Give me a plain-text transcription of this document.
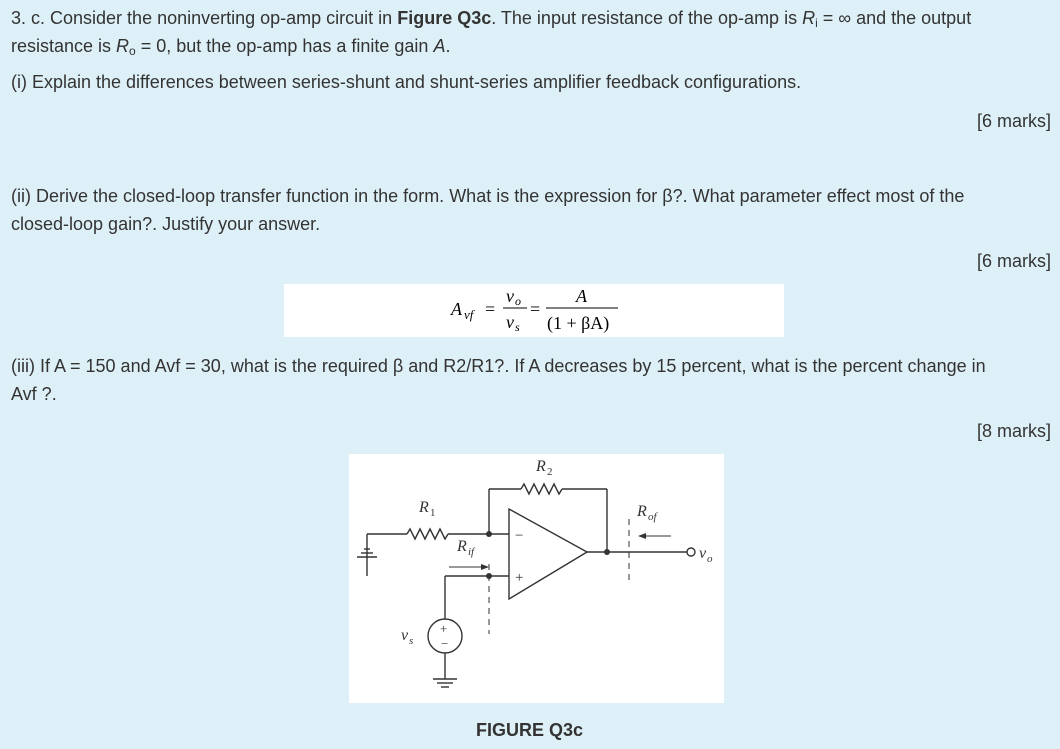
3. c. Consider the noninverting op-amp circuit in Figure Q3c. The input resistance of the op-amp is $R_i$ = ∞ and the output
resistance is $R_o = 0$, but the op-amp has a finite gain A.
(i) Explain the differences between series-shunt and shunt-series amplifier feedback configurations.
[6 marks]
(ii) Derive the closed-loop transfer function in the form. What is the expression for β?. What parameter effect most of the
closed-loop gain?. Justify your answer.
[6 marks]
A vf =
v o
v s
=
A
(1 + βA)
(iii) If A = 150 and Avf = 30, what is the required β and R2/R1?. If A decreases by 15 percent, what is the percent change in
Avf ?.
[8 marks]
R 2
R 1
R if
R of
v o
v s
−
+
+
−
FIGURE Q3c
